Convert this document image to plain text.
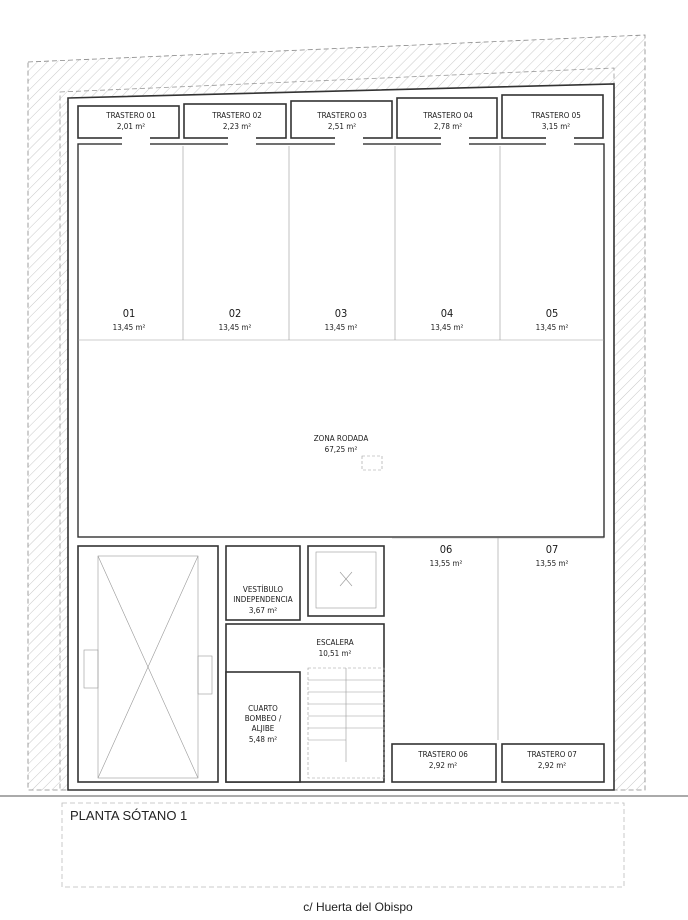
TRASTERO 01
2,01 m²
TRASTERO 02
2,23 m²
TRASTERO 03
2,51 m²
TRASTERO 04
2,78 m²
TRASTERO 05
3,15 m²
01
13,45 m²
02
13,45 m²
03
13,45 m²
04
13,45 m²
05
13,45 m²
ZONA RODADA
67,25 m²
06
13,55 m²
07
13,55 m²
VESTÍBULO
INDEPENDENCIA
3,67 m²
ESCALERA
10,51 m²
CUARTO
BOMBEO /
ALJIBE
5,48 m²
TRASTERO 06
2,92 m²
TRASTERO 07
2,92 m²
PLANTA SÓTANO 1
c/ Huerta del Obispo
